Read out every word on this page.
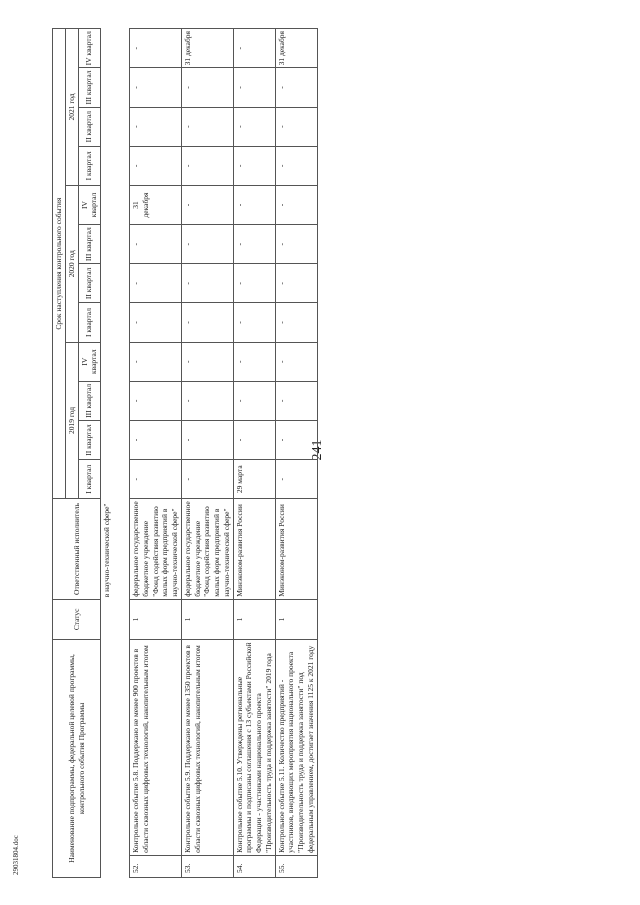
241
29031804.doc	Наименование подпрограммы, федеральной целевой программы, контрольного события Программы		Статус	Ответственный исполнитель	Срок наступления контрольного события											
				2019 год				2020 год				2021 год			
				I квартал	II квартал	III квартал	IV квартал	I квартал	II квартал	III квартал	IV квартал	I квартал	II квартал	III квартал	IV квартал
			в научно-технической сфере"												
52.	Контрольное событие 5.8. Поддержано не менее 900 проектов в области сквозных цифровых технологий, накопительным итогом	1	федеральное государственное бюджетное учреждение "Фонд содействия развитию малых форм предприятий в научно-технической сфере"	-	-	-	-	-	-	-	31 декабря	-	-	-	-
53.	Контрольное событие 5.9. Поддержано не менее 1350 проектов в области сквозных цифровых технологий, накопительным итогом	1	федеральное государственное бюджетное учреждение "Фонд содействия развитию малых форм предприятий в научно-технической сфере"	-	-	-	-	-	-	-	-	-	-	-	31 декабря
54.	Контрольное событие 5.10. Утверждены региональные программы и подписаны соглашения с 13 субъектами Российской Федерации - участниками национального проекта "Производительность труда и поддержка занятости" 2019 года	1	Минэконом-развития России	29 марта	-	-	-	-	-	-	-	-	-	-	-
55.	Контрольное событие 5.11. Количество предприятий - участников, внедряющих мероприятия национального проекта "Производительность труда и поддержка занятости" под федеральным управлением, достигает значения 1125 к 2021 году	1	Минэконом-развития России	-	-	-	-	-	-	-	-	-	-	-	31 декабря
